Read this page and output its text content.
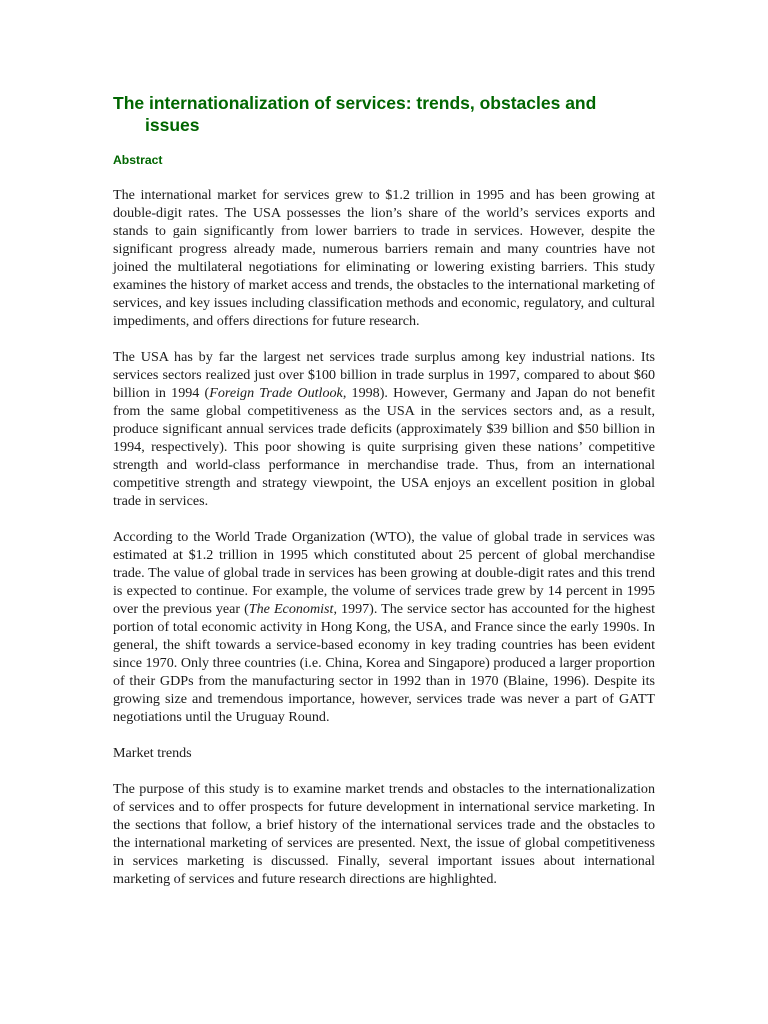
The internationalization of services: trends, obstacles and issues
Abstract

The international market for services grew to $1.2 trillion in 1995 and has been growing at double-digit rates. The USA possesses the lion’s share of the world’s services exports and stands to gain significantly from lower barriers to trade in services. However, despite the significant progress already made, numerous barriers remain and many countries have not joined the multilateral negotiations for eliminating or lowering existing barriers. This study examines the history of market access and trends, the obstacles to the international marketing of services, and key issues including classification methods and economic, regulatory, and cultural impediments, and offers directions for future research.

The USA has by far the largest net services trade surplus among key industrial nations. Its services sectors realized just over $100 billion in trade surplus in 1997, compared to about $60 billion in 1994 (Foreign Trade Outlook, 1998). However, Germany and Japan do not benefit from the same global competitiveness as the USA in the services sectors and, as a result, produce significant annual services trade deficits (approximately $39 billion and $50 billion in 1994, respectively). This poor showing is quite surprising given these nations’ competitive strength and world-class performance in merchandise trade. Thus, from an international competitive strength and strategy viewpoint, the USA enjoys an excellent position in global trade in services.

According to the World Trade Organization (WTO), the value of global trade in services was estimated at $1.2 trillion in 1995 which constituted about 25 percent of global merchandise trade. The value of global trade in services has been growing at double-digit rates and this trend is expected to continue. For example, the volume of services trade grew by 14 percent in 1995 over the previous year (The Economist, 1997). The service sector has accounted for the highest portion of total economic activity in Hong Kong, the USA, and France since the early 1990s. In general, the shift towards a service-based economy in key trading countries has been evident since 1970. Only three countries (i.e. China, Korea and Singapore) produced a larger proportion of their GDPs from the manufacturing sector in 1992 than in 1970 (Blaine, 1996). Despite its growing size and tremendous importance, however, services trade was never a part of GATT negotiations until the Uruguay Round.

Market trends

The purpose of this study is to examine market trends and obstacles to the internationalization of services and to offer prospects for future development in international service marketing. In the sections that follow, a brief history of the international services trade and the obstacles to the international marketing of services are presented. Next, the issue of global competitiveness in services marketing is discussed. Finally, several important issues about international marketing of services and future research directions are highlighted.
